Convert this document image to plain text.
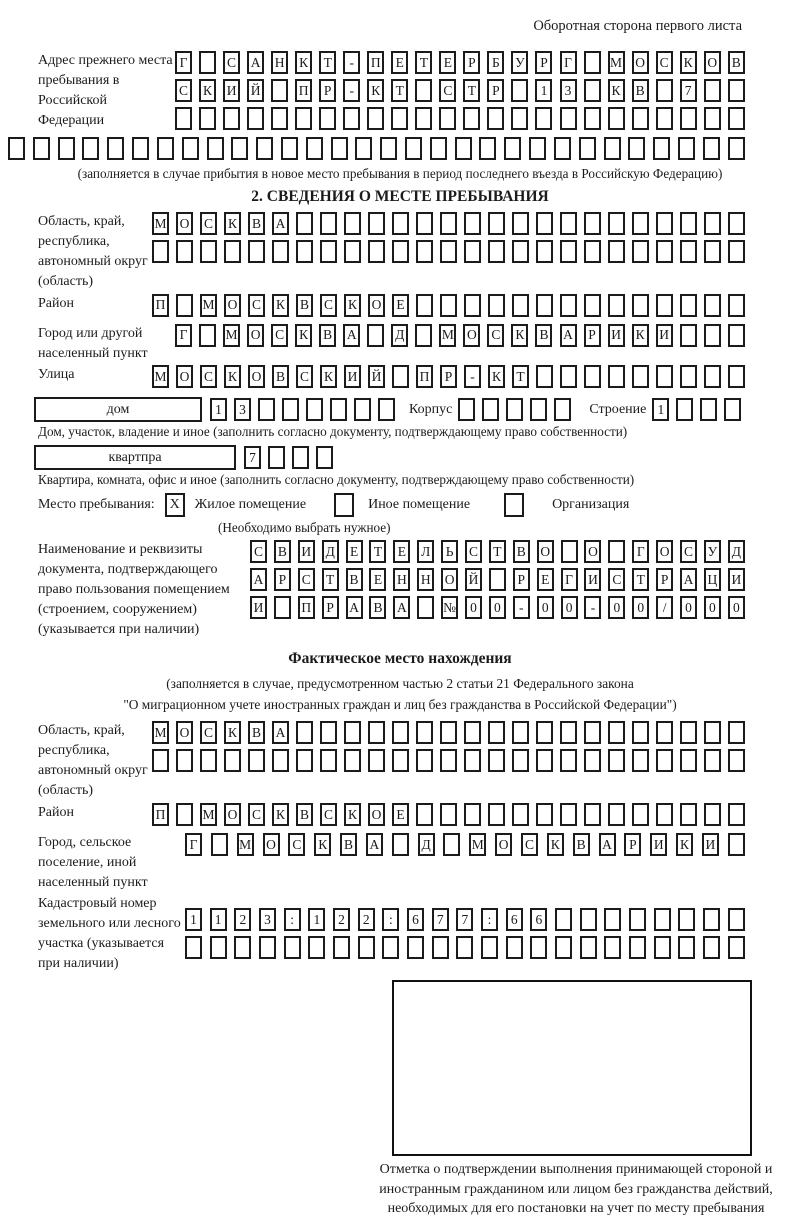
Оборотная сторона первого листа
Адрес прежнего места пребывания в Российской Федерации
Г	С А Н К	Т	-	П	Е	Т	Е	Р	Б	У	Р	Г	М О С К О В
С К И Й	П	Р	-	К	Т	С	Т	Р	1	3	К В	7
(заполняется в случае прибытия в новое место пребывания в период последнего въезда в Российскую Федерацию)
2. СВЕДЕНИЯ О МЕСТЕ ПРЕБЫВАНИЯ
Область, край, республика, автономный округ (область)
М О С К В А
Район	П	М О С К В С К О	Е
Город или другой населенный пункт
Г	М О С К В А	Д	М О С К В А	Р	И К И
Улица	М О С К О В С К И Й	П	Р	-	К	Т
дом	1	3	Корпус	Строение 1
Дом, участок, владение и иное (заполнить согласно документу, подтверждающему право собственности)
квартпра	7
Квартира, комната, офис и иное (заполнить согласно документу, подтверждающему право собственности)
Место пребывания:	X	Жилое помещение	Иное помещение	Организация
(Необходимо выбрать нужное)
Наименование и реквизиты документа, подтверждающего право пользования помещением (строением, сооружением) (указывается при наличии)
С В И Д	Е	Т	Е	Л	Ь	С	Т	В О	О	Г	О С У Д
А	Р	С	Т	В	Е	Н Н О Й	Р	Е	Г	И С	Т	Р	А Ц И
И	П	Р	А В А	№	0	0	-	0	0	-	0	0	/	0	0	0
Фактическое место нахождения
(заполняется в случае, предусмотренном частью 2 статьи 21 Федерального закона
"О миграционном учете иностранных граждан и лиц без гражданства в Российской Федерации")
Область, край, республика, автономный округ (область)
М О С К В А
Район	П	М О С К В С К О	Е
Город, сельское поселение, иной населенный пункт
Г	М О С К В А	Д	М О С К В А	Р	И К И
Кадастровый номер земельного или лесного участка (указывается при наличии)
1	1	2	3	:	1	2	2	:	6	7	7	:	6	6
Отметка о подтверждении выполнения принимающей стороной и иностранным гражданином или лицом без гражданства действий, необходимых для его постановки на учет по месту пребывания
